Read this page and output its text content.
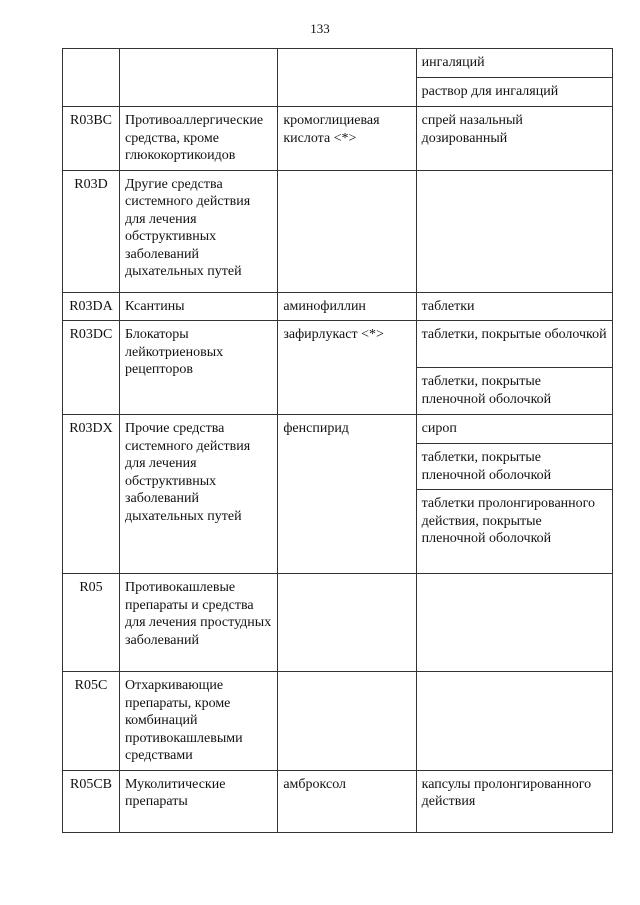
133
			ингаляций
			раствор для ингаляций
R03BC	Противоаллергические средства, кроме глюкокортикоидов	кромоглициевая кислота <*>	спрей назальный дозированный
R03D	Другие средства системного действия для лечения обструктивных заболеваний дыхательных путей		
R03DA	Ксантины	аминофиллин	таблетки
R03DC	Блокаторы лейкотриеновых рецепторов	зафирлукаст <*>	таблетки, покрытые оболочкой
			таблетки, покрытые пленочной оболочкой
R03DX	Прочие средства системного действия для лечения обструктивных заболеваний дыхательных путей	фенспирид	сироп
			таблетки, покрытые пленочной оболочкой
			таблетки пролонгированного действия, покрытые пленочной оболочкой
R05	Противокашлевые препараты и средства для лечения простудных заболеваний		
R05C	Отхаркивающие препараты, кроме комбинаций противокашлевыми средствами		
R05CB	Муколитические препараты	амброксол	капсулы пролонгированного действия
